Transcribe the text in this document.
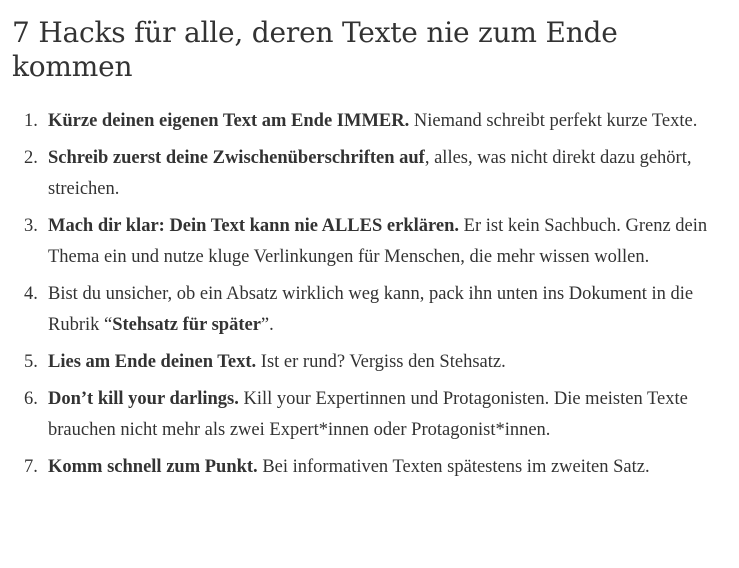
7 Hacks für alle, deren Texte nie zum Ende kommen
1. Kürze deinen eigenen Text am Ende IMMER. Niemand schreibt perfekt kurze Texte.
2. Schreib zuerst deine Zwischenüberschriften auf, alles, was nicht direkt dazu gehört, streichen.
3. Mach dir klar: Dein Text kann nie ALLES erklären. Er ist kein Sachbuch. Grenz dein Thema ein und nutze kluge Verlinkungen für Menschen, die mehr wissen wollen.
4. Bist du unsicher, ob ein Absatz wirklich weg kann, pack ihn unten ins Dokument in die Rubrik “Stehsatz für später”.
5. Lies am Ende deinen Text. Ist er rund? Vergiss den Stehsatz.
6. Don’t kill your darlings. Kill your Expertinnen und Protagonisten. Die meisten Texte brauchen nicht mehr als zwei Expert*innen oder Protagonist*innen.
7. Komm schnell zum Punkt. Bei informativen Texten spätestens im zweiten Satz.
